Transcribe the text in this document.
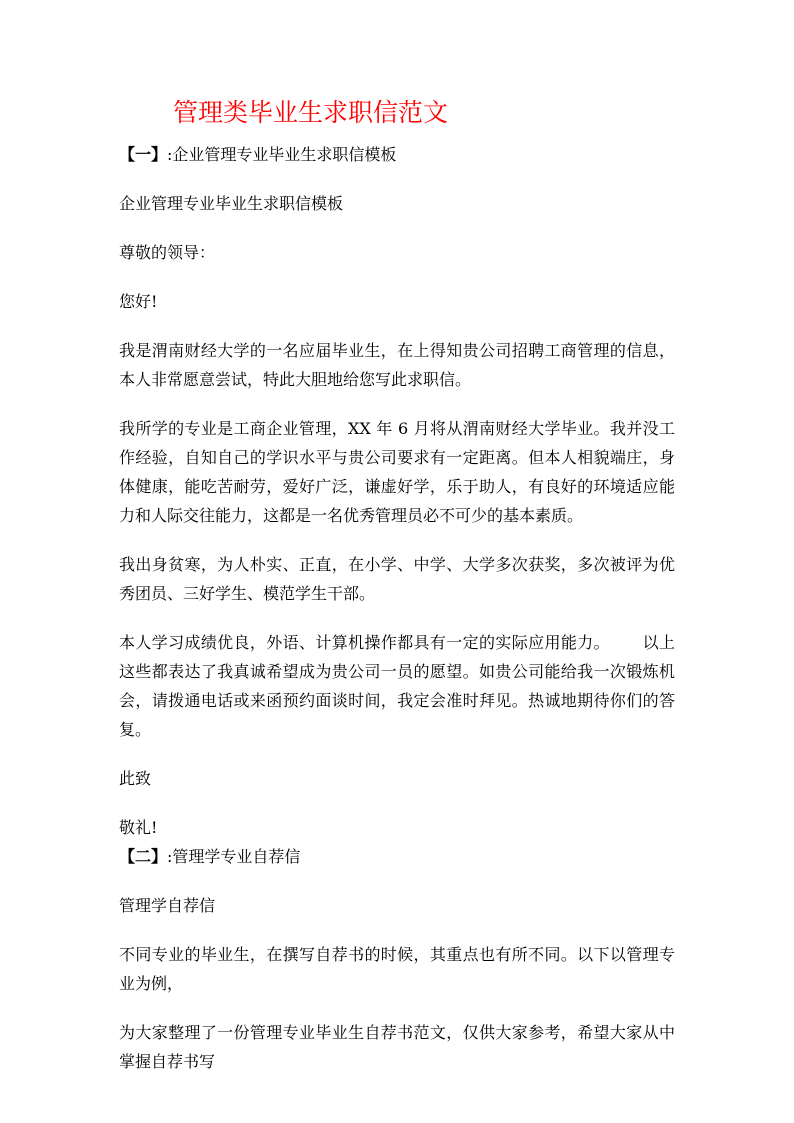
管理类毕业生求职信范文
【一】:企业管理专业毕业生求职信模板

企业管理专业毕业生求职信模板

尊敬的领导：

您好!

我是渭南财经大学的一名应届毕业生，在上得知贵公司招聘工商管理的信息，本人非常愿意尝试，特此大胆地给您写此求职信。

我所学的专业是工商企业管理，XX 年 6 月将从渭南财经大学毕业。我并没工作经验，自知自己的学识水平与贵公司要求有一定距离。但本人相貌端庄，身体健康，能吃苦耐劳，爱好广泛，谦虚好学，乐于助人，有良好的环境适应能力和人际交往能力，这都是一名优秀管理员必不可少的基本素质。

我出身贫寒，为人朴实、正直，在小学、中学、大学多次获奖，多次被评为优秀团员、三好学生、模范学生干部。

本人学习成绩优良，外语、计算机操作都具有一定的实际应用能力。      以上这些都表达了我真诚希望成为贵公司一员的愿望。如贵公司能给我一次锻炼机会，请拨通电话或来函预约面谈时间，我定会准时拜见。热诚地期待你们的答复。

此致

敬礼!

【二】:管理学专业自荐信

管理学自荐信

不同专业的毕业生，在撰写自荐书的时候，其重点也有所不同。以下以管理专业为例，

为大家整理了一份管理专业毕业生自荐书范文，仅供大家参考，希望大家从中掌握自荐书写
